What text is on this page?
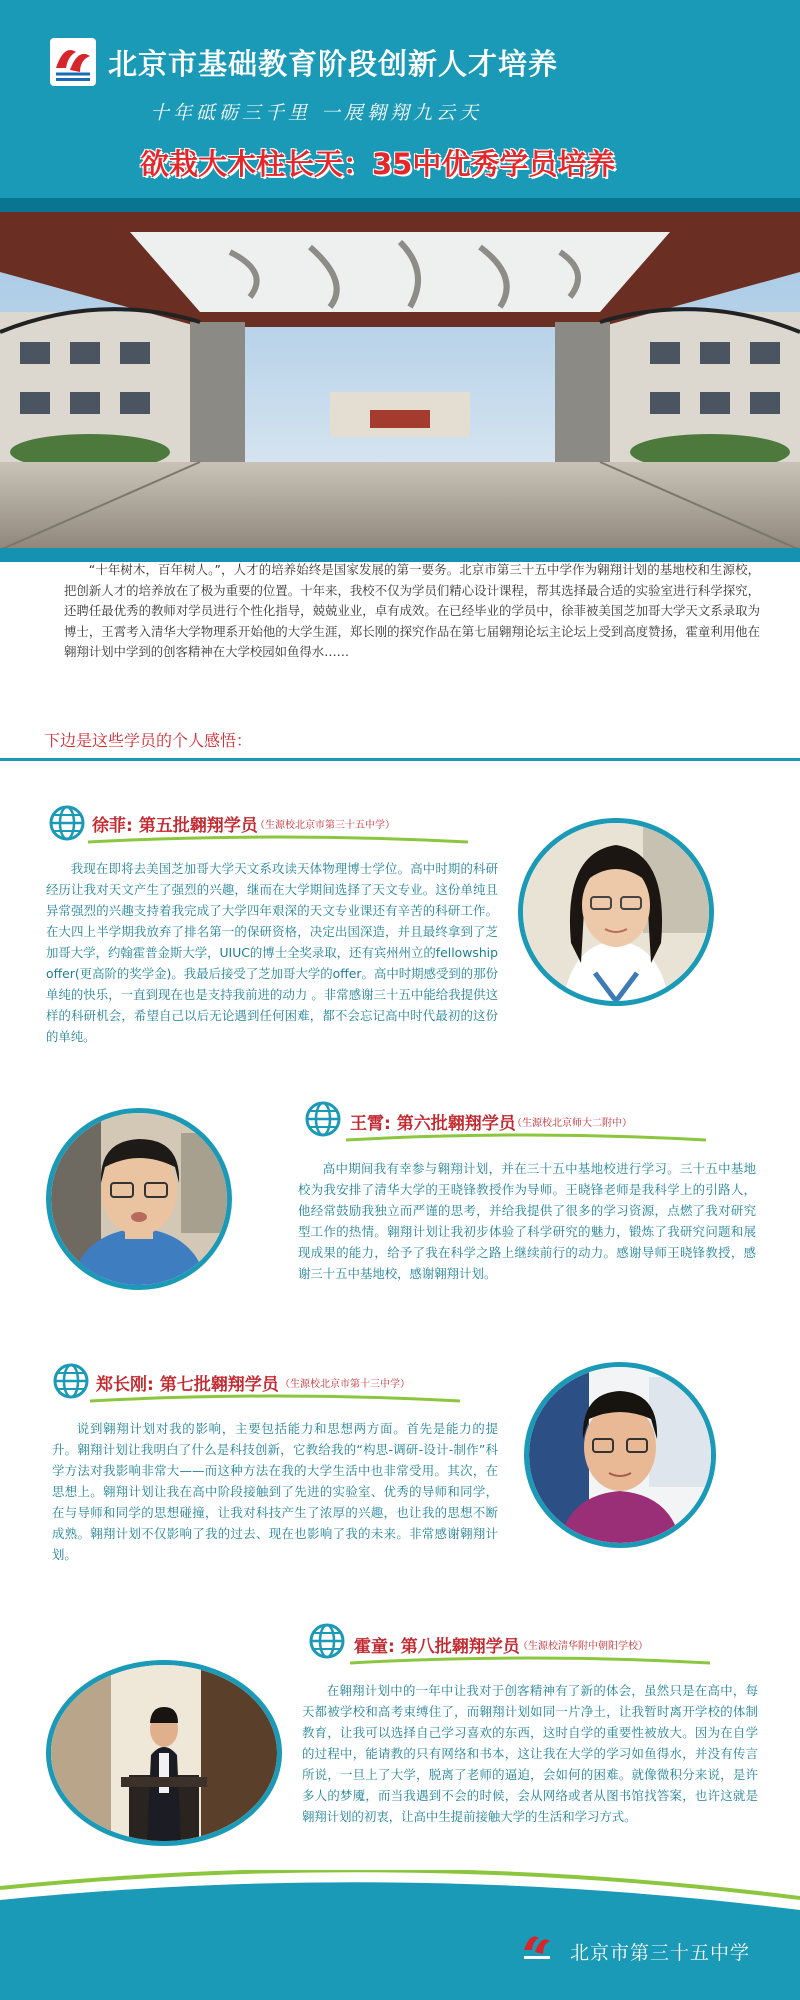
北京市基础教育阶段创新人才培养
十年砥砺三千里 一展翱翔九云天
欲栽大木柱长天：35中优秀学员培养
“十年树木，百年树人。”，人才的培养始终是国家发展的第一要务。北京市第三十五中学作为翱翔计划的基地校和生源校，把创新人才的培养放在了极为重要的位置。十年来，我校不仅为学员们精心设计课程，帮其选择最合适的实验室进行科学探究，还聘任最优秀的教师对学员进行个性化指导，兢兢业业，卓有成效。在已经毕业的学员中，徐菲被美国芝加哥大学天文系录取为博士，王霄考入清华大学物理系开始他的大学生涯，郑长刚的探究作品在第七届翱翔论坛主论坛上受到高度赞扬，霍童利用他在翱翔计划中学到的创客精神在大学校园如鱼得水……
下边是这些学员的个人感悟：
徐菲: 第五批翱翔学员
（生源校北京市第三十五中学）
我现在即将去美国芝加哥大学天文系攻读天体物理博士学位。高中时期的科研经历让我对天文产生了强烈的兴趣，继而在大学期间选择了天文专业。这份单纯且异常强烈的兴趣支持着我完成了大学四年艰深的天文专业课还有辛苦的科研工作。在大四上半学期我放弃了排名第一的保研资格，决定出国深造，并且最终拿到了芝加哥大学，约翰霍普金斯大学，UIUC的博士全奖录取，还有宾州州立的fellowship offer(更高阶的奖学金)。我最后接受了芝加哥大学的offer。高中时期感受到的那份单纯的快乐，一直到现在也是支持我前进的动力 。非常感谢三十五中能给我提供这样的科研机会，希望自己以后无论遇到任何困难，都不会忘记高中时代最初的这份的单纯。
王霄: 第六批翱翔学员
（生源校北京师大二附中）
高中期间我有幸参与翱翔计划，并在三十五中基地校进行学习。三十五中基地校为我安排了清华大学的王晓锋教授作为导师。王晓锋老师是我科学上的引路人，他经常鼓励我独立而严谨的思考，并给我提供了很多的学习资源，点燃了我对研究型工作的热情。翱翔计划让我初步体验了科学研究的魅力，锻炼了我研究问题和展现成果的能力，给予了我在科学之路上继续前行的动力。感谢导师王晓锋教授，感谢三十五中基地校，感谢翱翔计划。
郑长刚: 第七批翱翔学员 （生源校北京市第十三中学）
说到翱翔计划对我的影响，主要包括能力和思想两方面。首先是能力的提升。翱翔计划让我明白了什么是科技创新，它教给我的“构思-调研-设计-制作”科学方法对我影响非常大——而这种方法在我的大学生活中也非常受用。其次，在思想上。翱翔计划让我在高中阶段接触到了先进的实验室、优秀的导师和同学，在与导师和同学的思想碰撞，让我对科技产生了浓厚的兴趣，也让我的思想不断成熟。翱翔计划不仅影响了我的过去、现在也影响了我的未来。非常感谢翱翔计划。
霍童: 第八批翱翔学员
（生源校清华附中朝阳学校）
在翱翔计划中的一年中让我对于创客精神有了新的体会，虽然只是在高中，每天都被学校和高考束缚住了，而翱翔计划如同一片净土，让我暂时离开学校的体制教育，让我可以选择自己学习喜欢的东西，这时自学的重要性被放大。因为在自学的过程中，能请教的只有网络和书本，这让我在大学的学习如鱼得水，并没有传言所说，一旦上了大学，脱离了老师的逼迫，会如何的困难。就像微积分来说，是许多人的梦魇，而当我遇到不会的时候，会从网络或者从图书馆找答案，也许这就是翱翔计划的初衷，让高中生提前接触大学的生活和学习方式。
北京市第三十五中学
